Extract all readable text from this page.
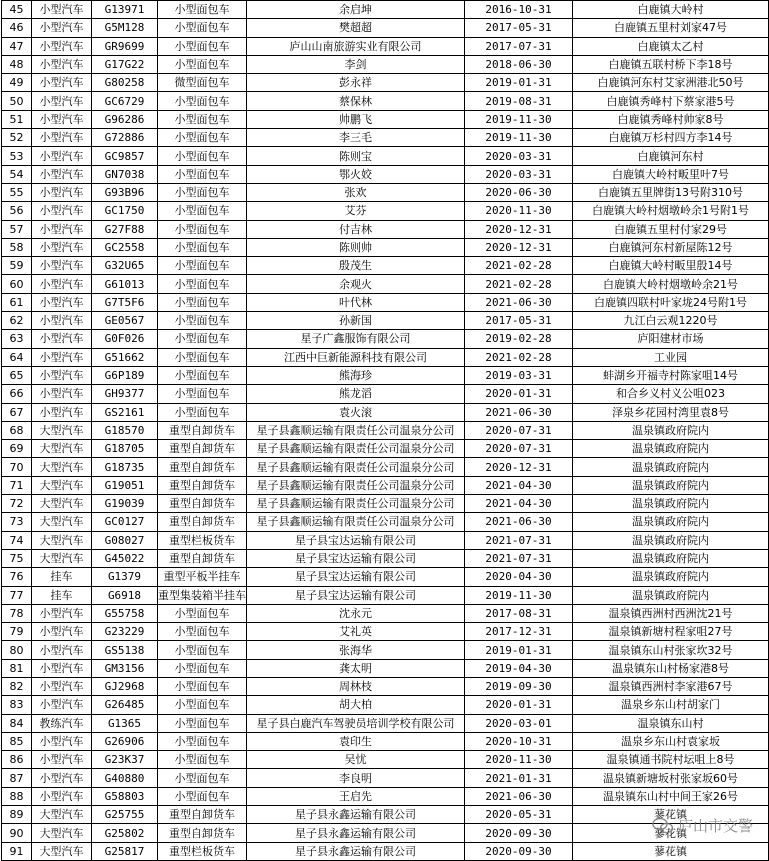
45	小型汽车	G13971	小型面包车	余启坤	2016-10-31	白鹿镇大岭村
46	小型汽车	G5M128	小型面包车	樊超超	2017-05-31	白鹿镇五里村刘家47号
47	小型汽车	GR9699	小型面包车	庐山山南旅游实业有限公司	2017-07-31	白鹿镇太乙村
48	小型汽车	G17G22	小型面包车	李剑	2018-06-30	白鹿镇五联村桥下李18号
49	小型汽车	G80258	微型面包车	彭永祥	2019-01-31	白鹿镇河东村艾家洲港北50号
50	小型汽车	GC6729	小型面包车	蔡保林	2019-08-31	白鹿镇秀峰村下蔡家港5号
51	小型汽车	G96286	小型面包车	帅鹏飞	2019-11-30	白鹿镇秀峰村帅家8号
52	小型汽车	G72886	小型面包车	李三毛	2019-11-30	白鹿镇万杉村四方李14号
53	小型汽车	GC9857	小型面包车	陈则宝	2020-03-31	白鹿镇河东村
54	小型汽车	GN7038	小型面包车	鄂火姣	2020-03-31	白鹿镇大岭村畈里叶7号
55	小型汽车	G93B96	小型面包车	张欢	2020-06-30	白鹿镇五里牌街13号附310号
56	小型汽车	GC1750	小型面包车	艾芬	2020-11-30	白鹿镇大岭村烟墩岭余1号附1号
57	小型汽车	G27F88	小型面包车	付吉林	2020-12-31	白鹿镇五里村付家29号
58	小型汽车	GC2558	小型面包车	陈则帅	2020-12-31	白鹿镇河东村新屋陈12号
59	小型汽车	G32U65	小型面包车	殷茂生	2021-02-28	白鹿镇大岭村畈里殷14号
60	小型汽车	G61013	小型面包车	余观火	2021-02-28	白鹿镇大岭村烟墩岭余21号
61	小型汽车	G7T5F6	小型面包车	叶代林	2021-06-30	白鹿镇四联村叶家垅24号附1号
62	小型汽车	GE0567	小型面包车	孙新国	2017-05-31	九江白云观1220号
63	小型汽车	G0F026	小型面包车	星子广鑫服饰有限公司	2019-02-28	庐阳建材市场
64	小型汽车	G51662	小型面包车	江西中巨新能源科技有限公司	2021-02-28	工业园
65	小型汽车	G6P189	小型面包车	熊海珍	2019-03-31	蚌湖乡开福寺村陈家咀14号
66	小型汽车	GH9377	小型面包车	熊龙滔	2020-01-31	和合乡义村义公咀023
67	小型汽车	GS2161	小型面包车	袁火滚	2021-06-30	泽泉乡花园村湾里袁8号
68	大型汽车	G18570	重型自卸货车	星子县鑫顺运输有限责任公司温泉分公司	2020-07-31	温泉镇政府院内
69	大型汽车	G18705	重型自卸货车	星子县鑫顺运输有限责任公司温泉分公司	2020-07-31	温泉镇政府院内
70	大型汽车	G18735	重型自卸货车	星子县鑫顺运输有限责任公司温泉分公司	2020-12-31	温泉镇政府院内
71	大型汽车	G19051	重型自卸货车	星子县鑫顺运输有限责任公司温泉分公司	2021-04-30	温泉镇政府院内
72	大型汽车	G19039	重型自卸货车	星子县鑫顺运输有限责任公司温泉分公司	2021-04-30	温泉镇政府院内
73	大型汽车	GC0127	重型自卸货车	星子县鑫顺运输有限责任公司温泉分公司	2021-06-30	温泉镇政府院内
74	大型汽车	G08027	重型栏板货车	星子县宝达运输有限公司	2021-07-31	温泉镇政府院内
75	大型汽车	G45022	重型自卸货车	星子县宝达运输有限公司	2021-07-31	温泉镇政府院内
76	挂车	G1379	重型平板半挂车	星子县宝达运输有限公司	2020-04-30	温泉镇政府院内
77	挂车	G6918	重型集装箱半挂车	星子县宝达运输有限公司	2019-11-30	温泉镇政府院内
78	小型汽车	G55758	小型面包车	沈永元	2017-08-31	温泉镇西洲村西洲沈21号
79	小型汽车	G23229	小型面包车	艾礼英	2017-12-31	温泉镇新塘村程家咀27号
80	小型汽车	GS5138	小型面包车	张海华	2019-01-31	温泉镇东山村张家坎32号
81	小型汽车	GM3156	小型面包车	龚太明	2019-04-30	温泉镇东山村杨家港8号
82	小型汽车	GJ2968	小型面包车	周林枝	2019-09-30	温泉镇西洲村李家港67号
83	小型汽车	G26485	小型面包车	胡大柏	2020-01-31	温泉乡东山村胡家门
84	教练汽车	G1365	小型面包车	星子县白鹿汽车驾驶员培训学校有限公司	2020-03-01	温泉镇东山村
85	小型汽车	G26906	小型面包车	袁印生	2020-10-31	温泉乡东山村袁家坂
86	小型汽车	G23K37	小型面包车	吴忧	2020-11-30	温泉镇通书院村坛咀上8号
87	小型汽车	G40880	小型面包车	李良明	2021-01-31	温泉镇新塘坂村张家坂60号
88	小型汽车	G58803	小型面包车	王启先	2021-06-30	温泉镇东山村中间王家26号
89	大型汽车	G25755	重型自卸货车	星子县永鑫运输有限公司	2020-05-31	蓼花镇
90	大型汽车	G25802	重型自卸货车	星子县永鑫运输有限公司	2020-09-30	蓼花镇
91	大型汽车	G25817	重型栏板货车	星子县永鑫运输有限公司	2020-09-30	蓼花镇
庐山市交警
